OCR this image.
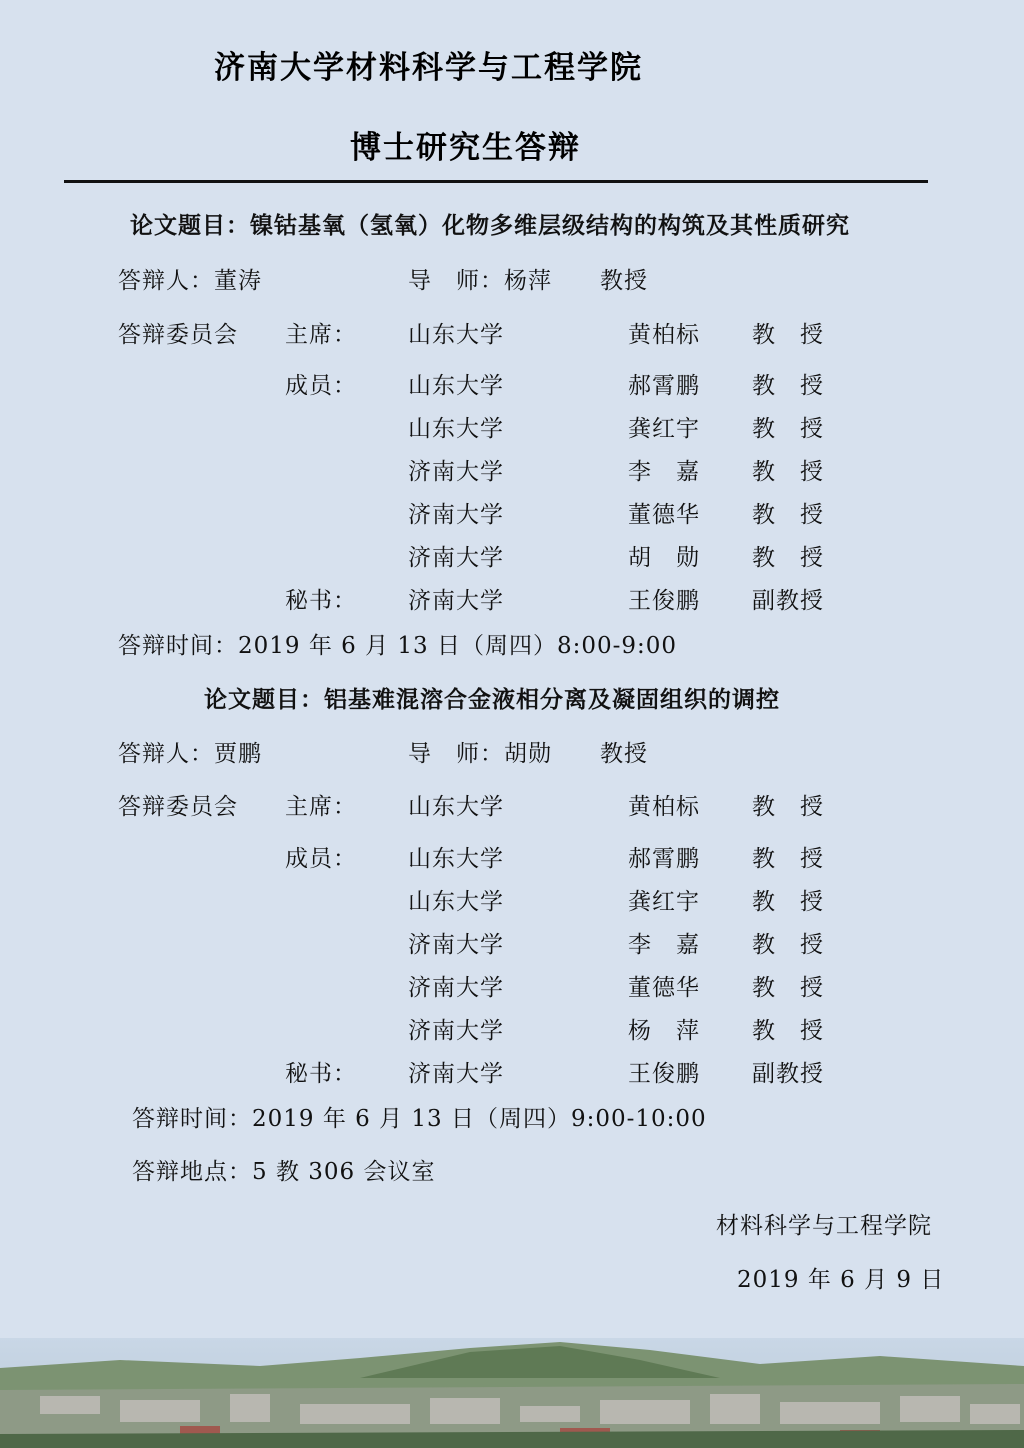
济南大学材料科学与工程学院
博士研究生答辩
论文题目：镍钴基氧（氢氧）化物多维层级结构的构筑及其性质研究
答辩人：董涛	导　师：杨萍　　教授
答辩委员会 主席： 山东大学	黄柏标 教　授
成员： 山东大学	郝霄鹏 教　授
山东大学	龚红宇 教　授
济南大学	李　嘉 教　授
济南大学	董德华 教　授
济南大学	胡　勋 教　授
秘书： 济南大学	王俊鹏 副教授
答辩时间：2019 年 6 月 13 日（周四）8:00-9:00
论文题目：铝基难混溶合金液相分离及凝固组织的调控
答辩人：贾鹏	导　师：胡勋　　教授
答辩委员会 主席： 山东大学	黄柏标 教　授
成员： 山东大学	郝霄鹏 教　授
山东大学	龚红宇 教　授
济南大学	李　嘉 教　授
济南大学	董德华 教　授
济南大学	杨　萍 教　授
秘书： 济南大学	王俊鹏 副教授
答辩时间：2019 年 6 月 13 日（周四）9:00-10:00
答辩地点：5 教 306 会议室
材料科学与工程学院
2019 年 6 月 9 日
